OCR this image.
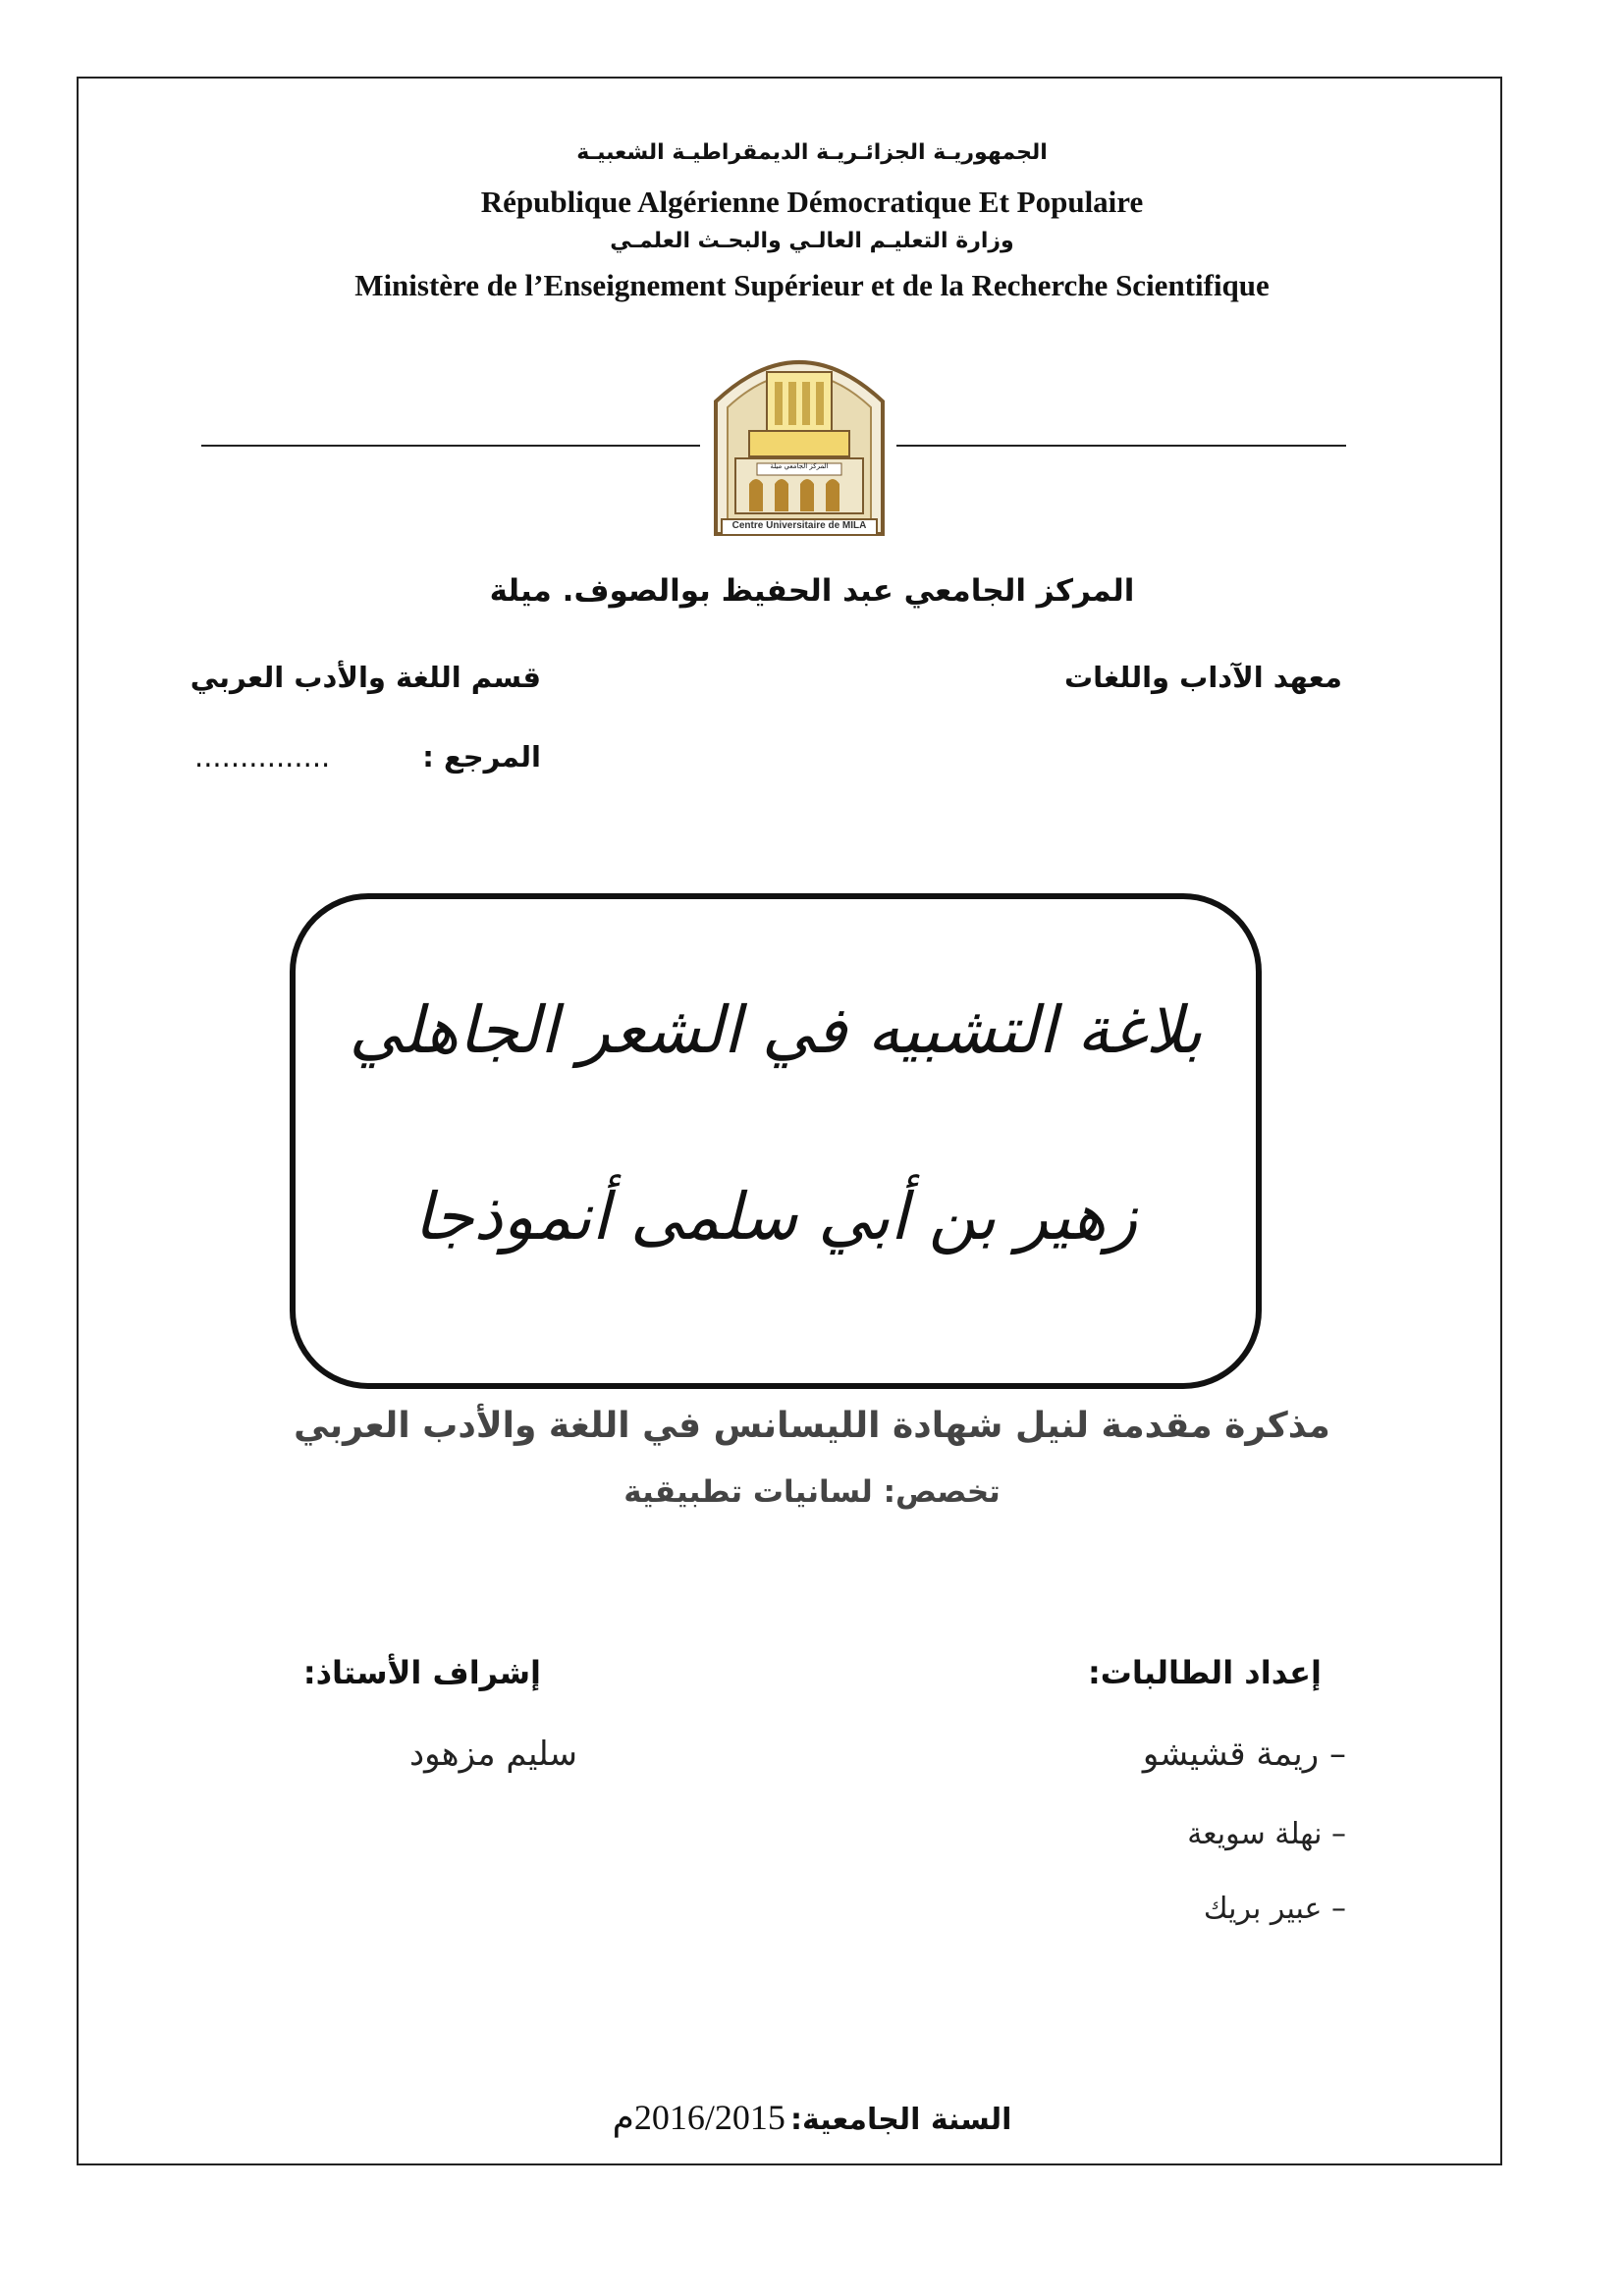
الجمهوريـة الجزائـريـة الديمقراطيـة الشعبيـة
République Algérienne Démocratique Et Populaire
وزارة التعليـم العالـي والبحـث العلمـي
Ministère de l’Enseignement Supérieur et de la Recherche Scientifique
المركز الجامعي ميلة
Centre Universitaire de MILA
المركز الجامعي عبد الحفيظ بوالصوف. ميلة
معهد الآداب واللغات
قسم اللغة والأدب العربي
المرجع :
...............
بلاغة التشبيه في الشعر الجاهلي
زهير بن أبي سلمى أنموذجا
مذكرة مقدمة لنيل شهادة الليسانس في اللغة والأدب العربي
تخصص: لسانيات تطبيقية
إعداد الطالبات:
إشراف الأستاذ:
– ريمة قشيشو
– نهلة سويعة
– عبير بريك
سليم مزهود
السنة الجامعية: 2016/2015م
